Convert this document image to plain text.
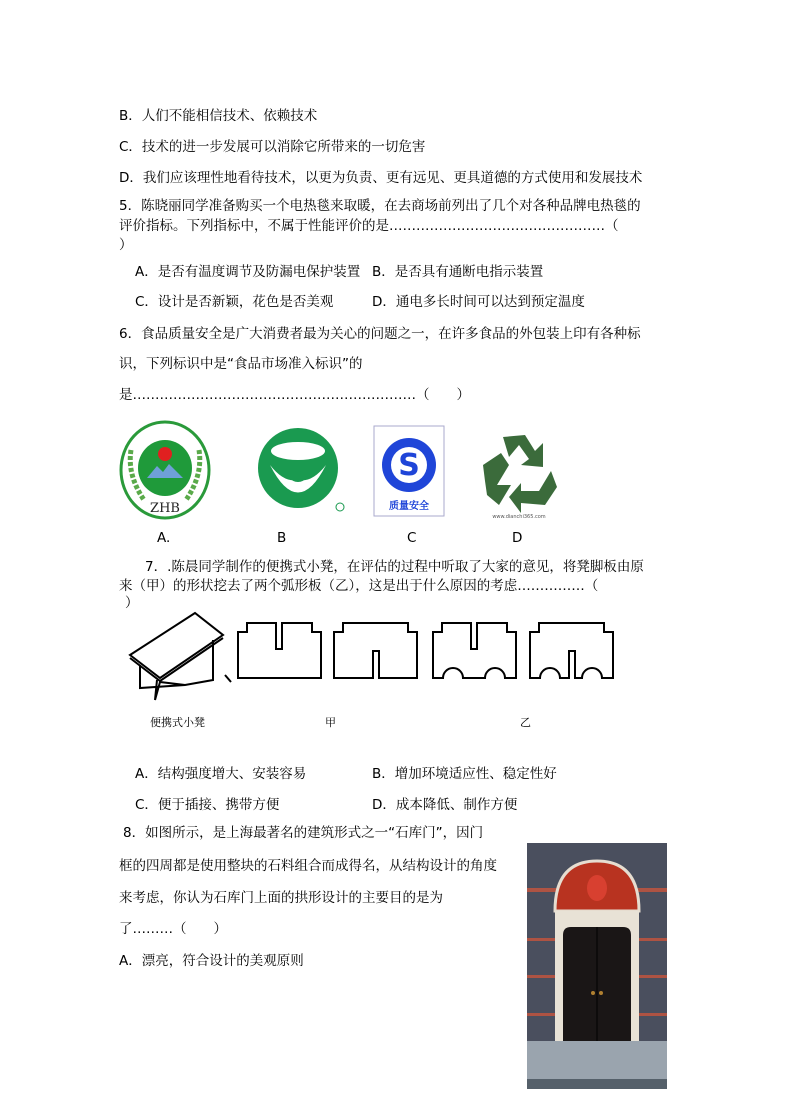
B．人们不能相信技术、依赖技术
C．技术的进一步发展可以消除它所带来的一切危害
D．我们应该理性地看待技术，以更为负责、更有远见、更具道德的方式使用和发展技术
5．陈晓丽同学准备购买一个电热毯来取暖，在去商场前列出了几个对各种品牌电热毯的
评价指标。下列指标中，不属于性能评价的是…………………………………………（
）
A．是否有温度调节及防漏电保护装置 B．是否具有通断电指示装置
C．设计是否新颖，花色是否美观	D．通电多长时间可以达到预定温度
6．食品质量安全是广大消费者最为关心的问题之一，在许多食品的外包装上印有各种标
识，下列标识中是“食品市场准入标识”的
是………………………………………………………（　　）
ZHB
S
质量安全
www.dianchi365.com
A.	B	C	D
7．.陈晨同学制作的便携式小凳，在评估的过程中听取了大家的意见，将凳脚板由原
来（甲）的形状挖去了两个弧形板（乙），这是出于什么原因的考虑……………（
）
便携式小凳	甲	乙
A．结构强度增大、安装容易	B．增加环境适应性、稳定性好
C．便于插接、携带方便	D．成本降低、制作方便
8．如图所示，是上海最著名的建筑形式之一“石库门”，因门
框的四周都是使用整块的石料组合而成得名，从结构设计的角度
来考虑，你认为石库门上面的拱形设计的主要目的是为
了………（　　）
A．漂亮，符合设计的美观原则
